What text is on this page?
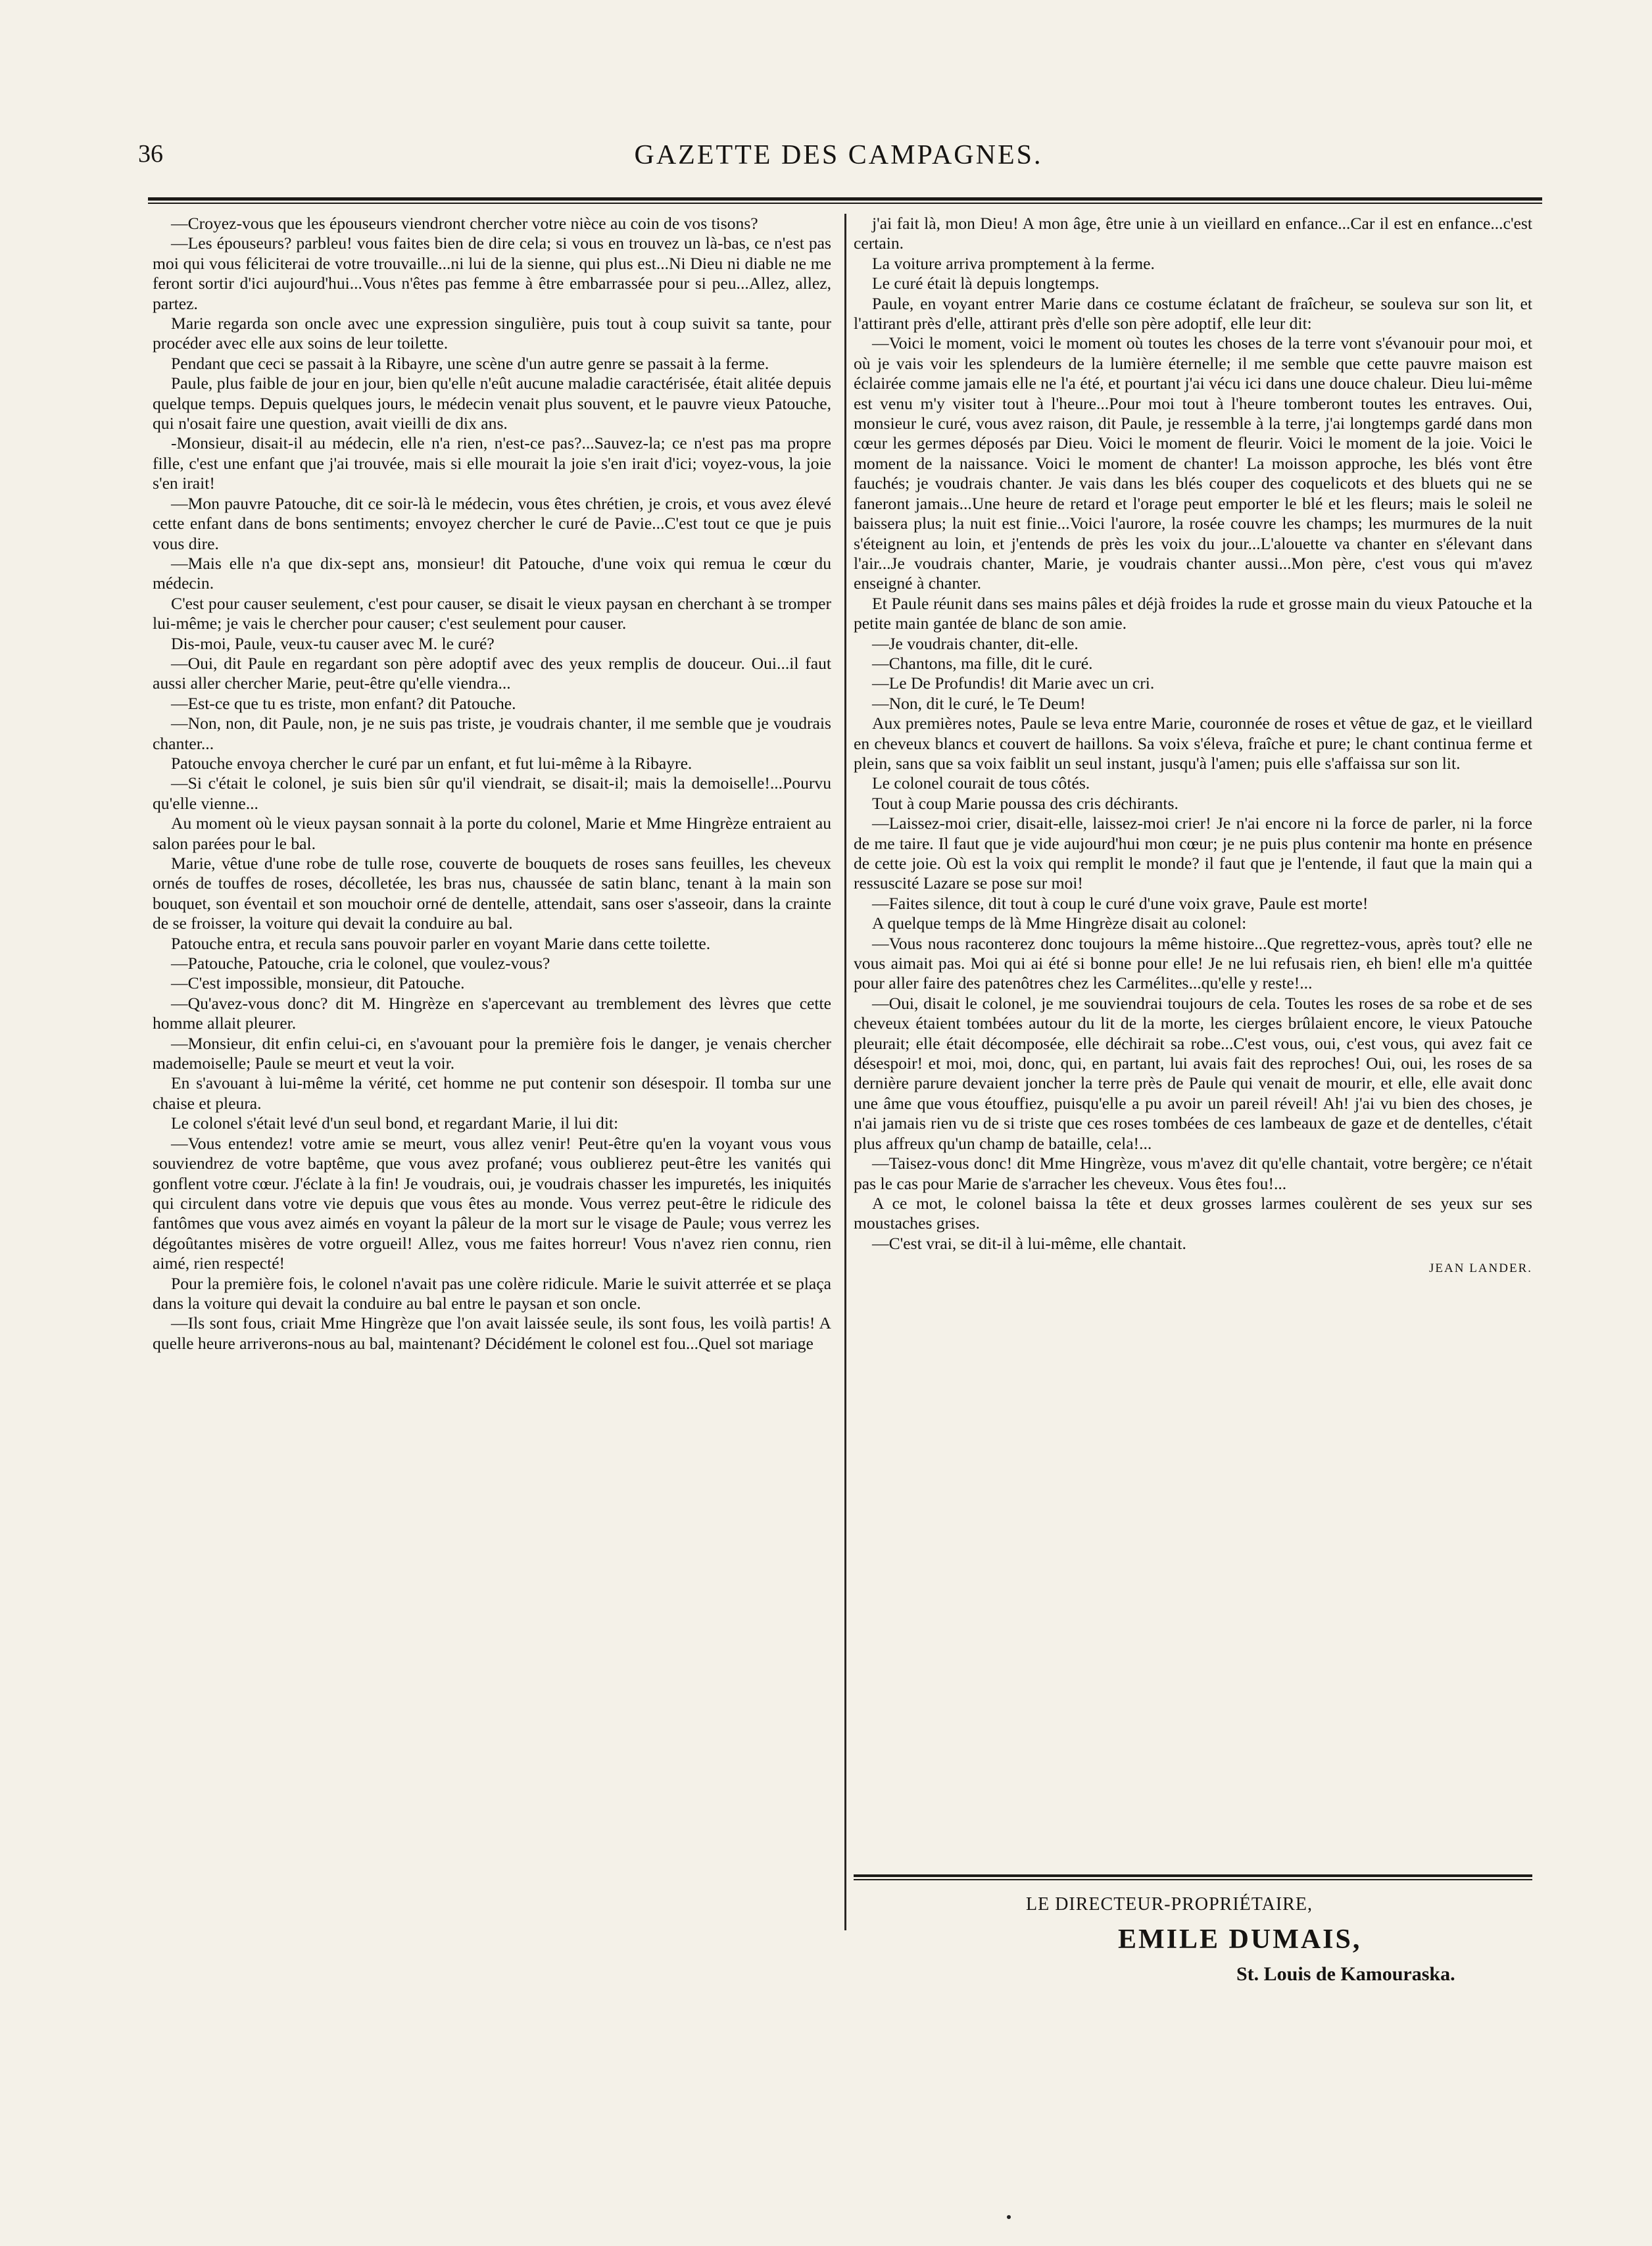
36	GAZETTE DES CAMPAGNES.

—Croyez-vous que les épouseurs viendront chercher votre nièce au coin de vos tisons?

—Les épouseurs? parbleu! vous faites bien de dire cela; si vous en trouvez un là-bas, ce n'est pas moi qui vous féliciterai de votre trouvaille...ni lui de la sienne, qui plus est...Ni Dieu ni diable ne me feront sortir d'ici aujourd'hui...Vous n'êtes pas femme à être embarrassée pour si peu...Allez, allez, partez.

Marie regarda son oncle avec une expression singulière, puis tout à coup suivit sa tante, pour procéder avec elle aux soins de leur toilette.

Pendant que ceci se passait à la Ribayre, une scène d'un autre genre se passait à la ferme.

Paule, plus faible de jour en jour, bien qu'elle n'eût aucune maladie caractérisée, était alitée depuis quelque temps. Depuis quelques jours, le médecin venait plus souvent, et le pauvre vieux Patouche, qui n'osait faire une question, avait vieilli de dix ans.

-Monsieur, disait-il au médecin, elle n'a rien, n'est-ce pas?...Sauvez-la; ce n'est pas ma propre fille, c'est une enfant que j'ai trouvée, mais si elle mourait la joie s'en irait d'ici; voyez-vous, la joie s'en irait!

—Mon pauvre Patouche, dit ce soir-là le médecin, vous êtes chrétien, je crois, et vous avez élevé cette enfant dans de bons sentiments; envoyez chercher le curé de Pavie...C'est tout ce que je puis vous dire.

—Mais elle n'a que dix-sept ans, monsieur! dit Patouche, d'une voix qui remua le cœur du médecin.

C'est pour causer seulement, c'est pour causer, se disait le vieux paysan en cherchant à se tromper lui-même; je vais le chercher pour causer; c'est seulement pour causer.

Dis-moi, Paule, veux-tu causer avec M. le curé?

—Oui, dit Paule en regardant son père adoptif avec des yeux remplis de douceur. Oui...il faut aussi aller chercher Marie, peut-être qu'elle viendra...

—Est-ce que tu es triste, mon enfant? dit Patouche.

—Non, non, dit Paule, non, je ne suis pas triste, je voudrais chanter, il me semble que je voudrais chanter...

Patouche envoya chercher le curé par un enfant, et fut lui-même à la Ribayre.

—Si c'était le colonel, je suis bien sûr qu'il viendrait, se disait-il; mais la demoiselle!...Pourvu qu'elle vienne...

Au moment où le vieux paysan sonnait à la porte du colonel, Marie et Mme Hingrèze entraient au salon parées pour le bal.

Marie, vêtue d'une robe de tulle rose, couverte de bouquets de roses sans feuilles, les cheveux ornés de touffes de roses, décolletée, les bras nus, chaussée de satin blanc, tenant à la main son bouquet, son éventail et son mouchoir orné de dentelle, attendait, sans oser s'asseoir, dans la crainte de se froisser, la voiture qui devait la conduire au bal.

Patouche entra, et recula sans pouvoir parler en voyant Marie dans cette toilette.

—Patouche, Patouche, cria le colonel, que voulez-vous?

—C'est impossible, monsieur, dit Patouche.

—Qu'avez-vous donc? dit M. Hingrèze en s'apercevant au tremblement des lèvres que cette homme allait pleurer.

—Monsieur, dit enfin celui-ci, en s'avouant pour la première fois le danger, je venais chercher mademoiselle; Paule se meurt et veut la voir.

En s'avouant à lui-même la vérité, cet homme ne put contenir son désespoir. Il tomba sur une chaise et pleura.

Le colonel s'était levé d'un seul bond, et regardant Marie, il lui dit:

—Vous entendez! votre amie se meurt, vous allez venir! Peut-être qu'en la voyant vous vous souviendrez de votre baptême, que vous avez profané; vous oublierez peut-être les vanités qui gonflent votre cœur. J'éclate à la fin! Je voudrais, oui, je voudrais chasser les impuretés, les iniquités qui circulent dans votre vie depuis que vous êtes au monde. Vous verrez peut-être le ridicule des fantômes que vous avez aimés en voyant la pâleur de la mort sur le visage de Paule; vous verrez les dégoûtantes misères de votre orgueil! Allez, vous me faites horreur! Vous n'avez rien connu, rien aimé, rien respecté!

Pour la première fois, le colonel n'avait pas une colère ridicule. Marie le suivit atterrée et se plaça dans la voiture qui devait la conduire au bal entre le paysan et son oncle.

—Ils sont fous, criait Mme Hingrèze que l'on avait laissée seule, ils sont fous, les voilà partis! A quelle heure arriverons-nous au bal, maintenant? Décidément le colonel est fou...Quel sot mariage

j'ai fait là, mon Dieu! A mon âge, être unie à un vieillard en enfance...Car il est en enfance...c'est certain.

La voiture arriva promptement à la ferme.

Le curé était là depuis longtemps.

Paule, en voyant entrer Marie dans ce costume éclatant de fraîcheur, se souleva sur son lit, et l'attirant près d'elle, attirant près d'elle son père adoptif, elle leur dit:

—Voici le moment, voici le moment où toutes les choses de la terre vont s'évanouir pour moi, et où je vais voir les splendeurs de la lumière éternelle; il me semble que cette pauvre maison est éclairée comme jamais elle ne l'a été, et pourtant j'ai vécu ici dans une douce chaleur. Dieu lui-même est venu m'y visiter tout à l'heure...Pour moi tout à l'heure tomberont toutes les entraves. Oui, monsieur le curé, vous avez raison, dit Paule, je ressemble à la terre, j'ai longtemps gardé dans mon cœur les germes déposés par Dieu. Voici le moment de fleurir. Voici le moment de la joie. Voici le moment de la naissance. Voici le moment de chanter! La moisson approche, les blés vont être fauchés; je voudrais chanter. Je vais dans les blés couper des coquelicots et des bluets qui ne se faneront jamais...Une heure de retard et l'orage peut emporter le blé et les fleurs; mais le soleil ne baissera plus; la nuit est finie...Voici l'aurore, la rosée couvre les champs; les murmures de la nuit s'éteignent au loin, et j'entends de près les voix du jour...L'alouette va chanter en s'élevant dans l'air...Je voudrais chanter, Marie, je voudrais chanter aussi...Mon père, c'est vous qui m'avez enseigné à chanter.

Et Paule réunit dans ses mains pâles et déjà froides la rude et grosse main du vieux Patouche et la petite main gantée de blanc de son amie.

—Je voudrais chanter, dit-elle.

—Chantons, ma fille, dit le curé.

—Le De Profundis! dit Marie avec un cri.

—Non, dit le curé, le Te Deum!

Aux premières notes, Paule se leva entre Marie, couronnée de roses et vêtue de gaz, et le vieillard en cheveux blancs et couvert de haillons. Sa voix s'éleva, fraîche et pure; le chant continua ferme et plein, sans que sa voix faiblit un seul instant, jusqu'à l'amen; puis elle s'affaissa sur son lit.

Le colonel courait de tous côtés.

Tout à coup Marie poussa des cris déchirants.

—Laissez-moi crier, disait-elle, laissez-moi crier! Je n'ai encore ni la force de parler, ni la force de me taire. Il faut que je vide aujourd'hui mon cœur; je ne puis plus contenir ma honte en présence de cette joie. Où est la voix qui remplit le monde? il faut que je l'entende, il faut que la main qui a ressuscité Lazare se pose sur moi!

—Faites silence, dit tout à coup le curé d'une voix grave, Paule est morte!

A quelque temps de là Mme Hingrèze disait au colonel:

—Vous nous raconterez donc toujours la même histoire...Que regrettez-vous, après tout? elle ne vous aimait pas. Moi qui ai été si bonne pour elle! Je ne lui refusais rien, eh bien! elle m'a quittée pour aller faire des patenôtres chez les Carmélites...qu'elle y reste!...

—Oui, disait le colonel, je me souviendrai toujours de cela. Toutes les roses de sa robe et de ses cheveux étaient tombées autour du lit de la morte, les cierges brûlaient encore, le vieux Patouche pleurait; elle était décomposée, elle déchirait sa robe...C'est vous, oui, c'est vous, qui avez fait ce désespoir! et moi, moi, donc, qui, en partant, lui avais fait des reproches! Oui, oui, les roses de sa dernière parure devaient joncher la terre près de Paule qui venait de mourir, et elle, elle avait donc une âme que vous étouffiez, puisqu'elle a pu avoir un pareil réveil! Ah! j'ai vu bien des choses, je n'ai jamais rien vu de si triste que ces roses tombées de ces lambeaux de gaze et de dentelles, c'était plus affreux qu'un champ de bataille, cela!...

—Taisez-vous donc! dit Mme Hingrèze, vous m'avez dit qu'elle chantait, votre bergère; ce n'était pas le cas pour Marie de s'arracher les cheveux. Vous êtes fou!...

A ce mot, le colonel baissa la tête et deux grosses larmes coulèrent de ses yeux sur ses moustaches grises.

—C'est vrai, se dit-il à lui-même, elle chantait.

JEAN LANDER.
LE DIRECTEUR-PROPRIÉTAIRE,
EMILE DUMAIS,
St. Louis de Kamouraska.
